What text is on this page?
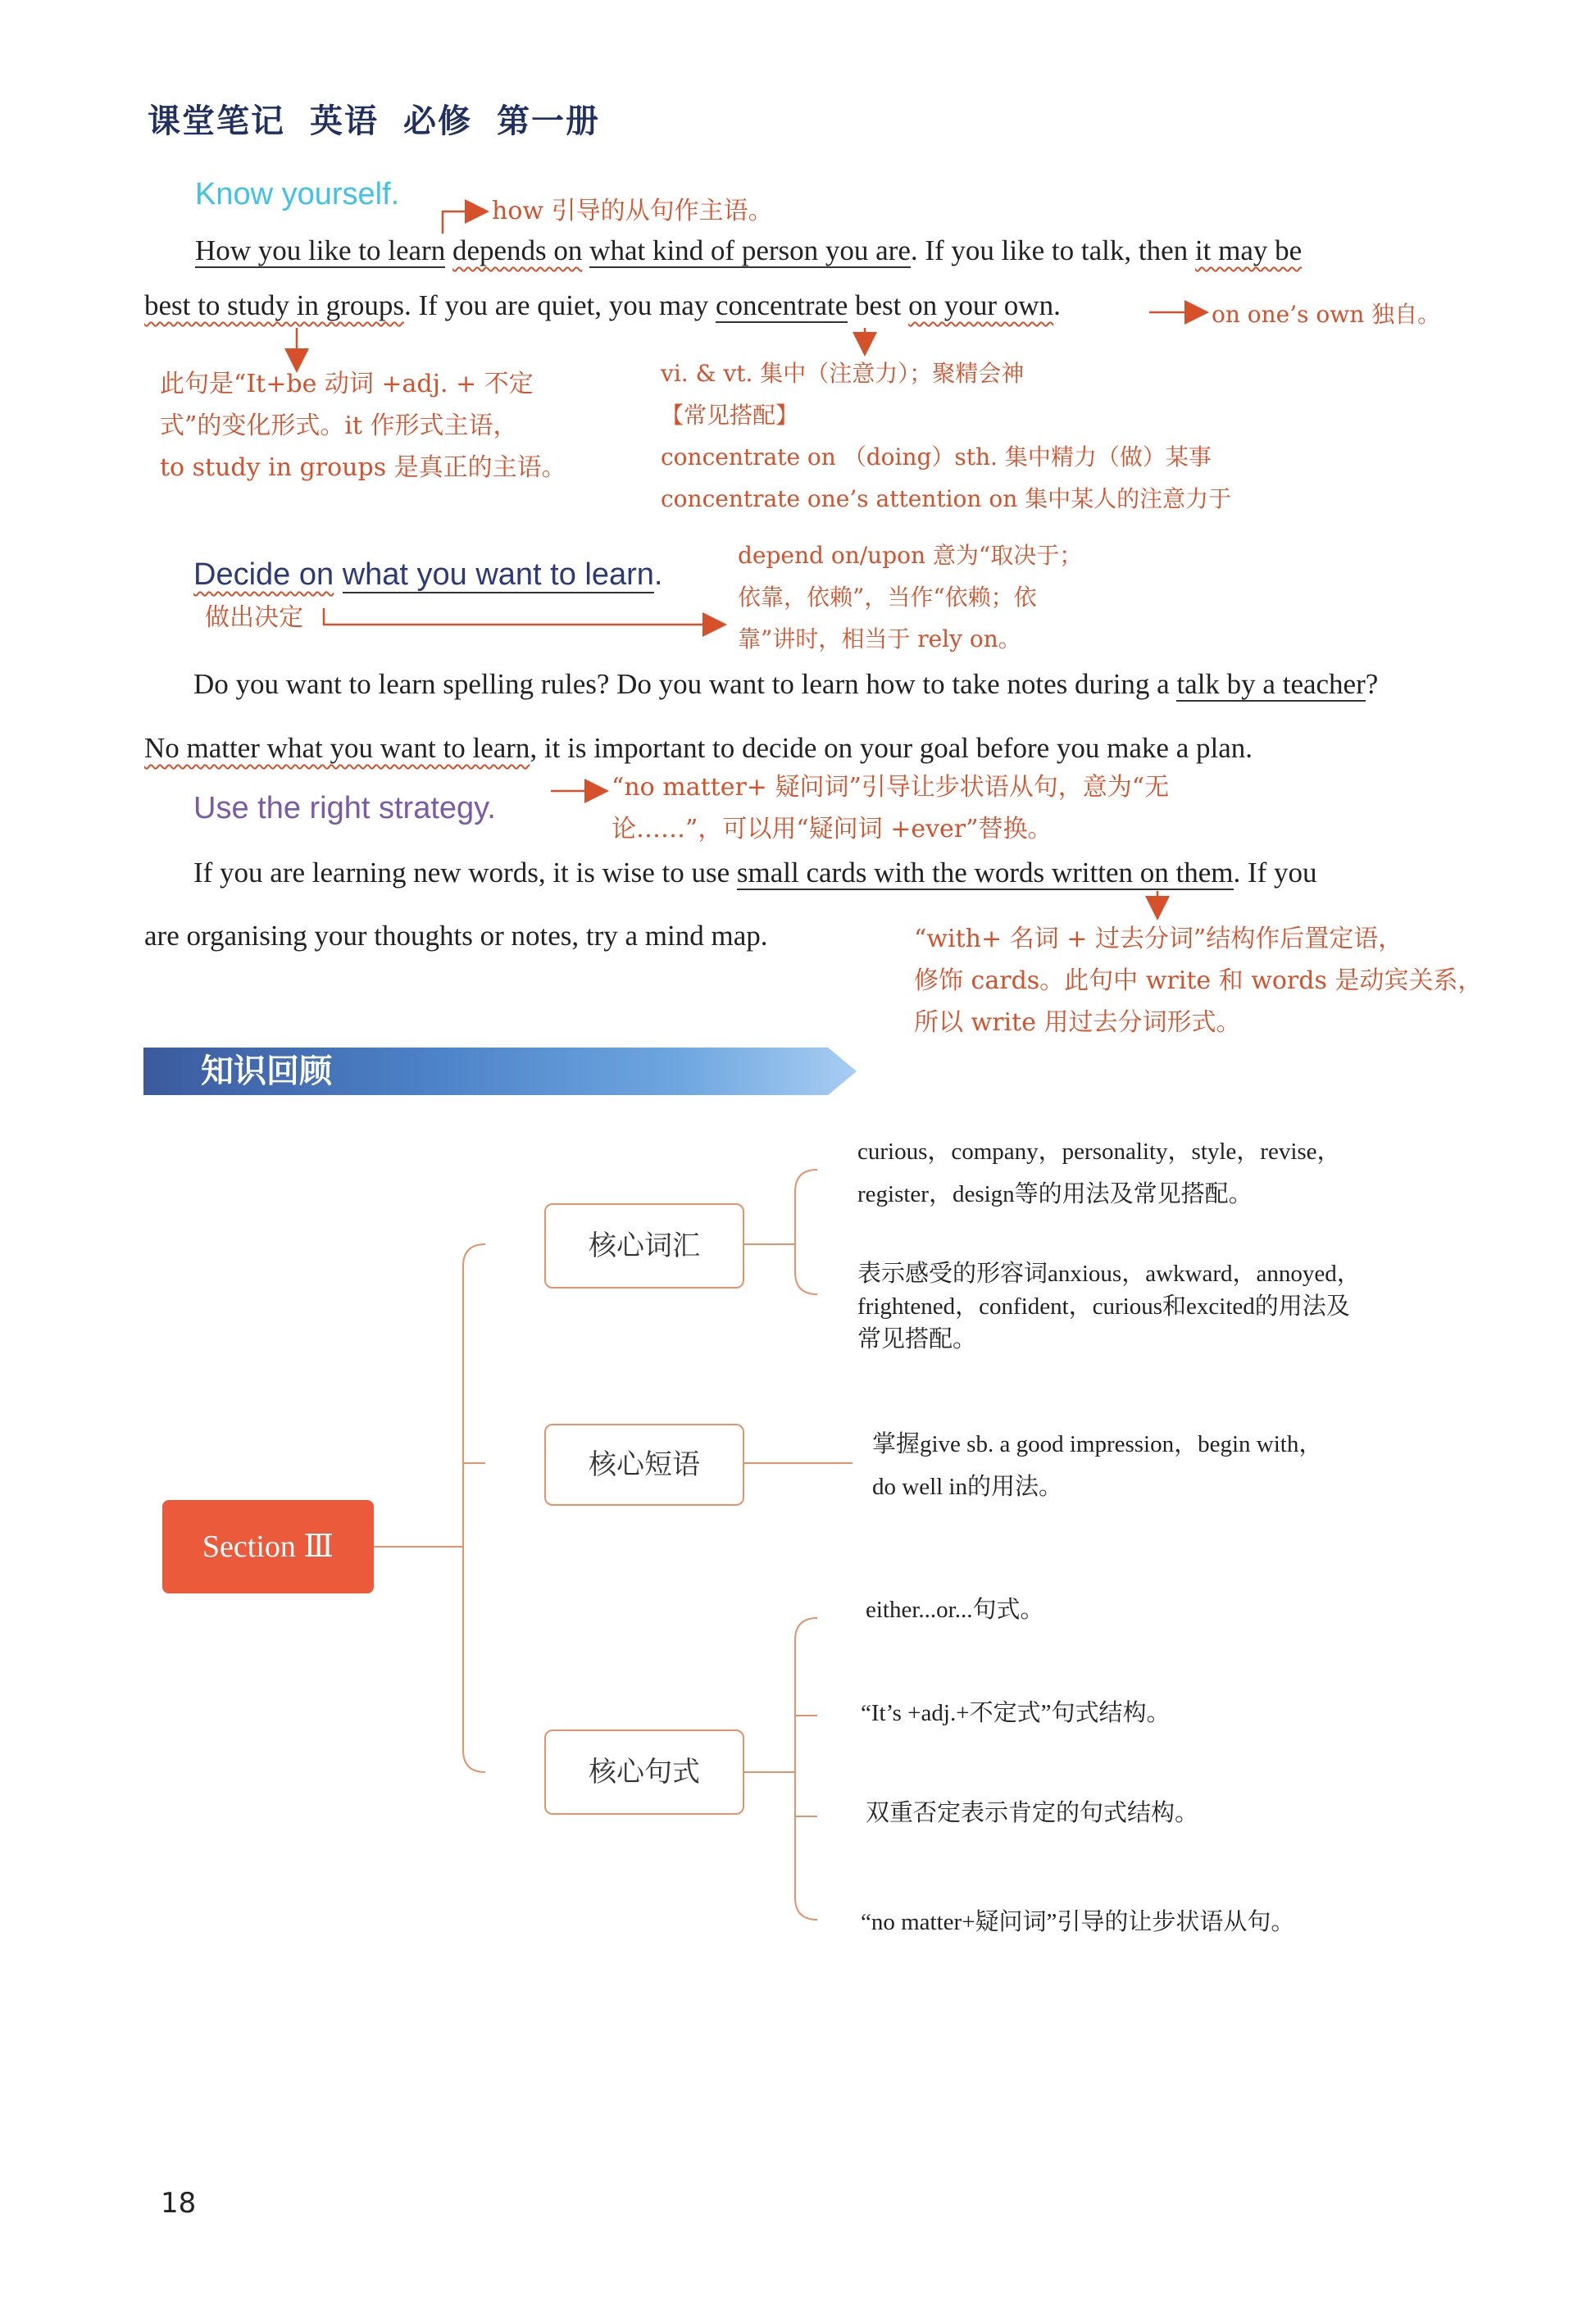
课堂笔记 英语 必修 第一册
Know yourself.	how 引导的从句作主语。
How you like to learn depends on what kind of person you are. If you like to talk, then it may be
best to study in groups. If you are quiet, you may concentrate best on your own.	on one’s own 独自。
此句是“It+be 动词 +adj. + 不定
式”的变化形式。it 作形式主语，
to study in groups 是真正的主语。
vi. & vt. 集中（注意力）；聚精会神
【常见搭配】
concentrate on （doing）sth. 集中精力（做）某事
concentrate one’s attention on 集中某人的注意力于
Decide on what you want to learn.
做出决定
depend on/upon 意为“取决于；
依靠，依赖”，当作“依赖；依
靠”讲时，相当于 rely on。
Do you want to learn spelling rules? Do you want to learn how to take notes during a talk by a teacher?
No matter what you want to learn, it is important to decide on your goal before you make a plan.
“no matter+ 疑问词”引导让步状语从句，意为“无
论……”，可以用“疑问词 +ever”替换。
Use the right strategy.
If you are learning new words, it is wise to use small cards with the words written on them. If you
are organising your thoughts or notes, try a mind map.	“with+ 名词 + 过去分词”结构作后置定语，
修饰 cards。此句中 write 和 words 是动宾关系，
所以 write 用过去分词形式。
知识回顾
Section Ⅲ
核心词汇
核心短语
核心句式
curious，company，personality，style，revise，
register，design等的用法及常见搭配。
表示感受的形容词anxious，awkward，annoyed，
frightened，confident，curious和excited的用法及
常见搭配。
掌握give sb. a good impression，begin with，
do well in的用法。
either...or...句式。
“It’s +adj.+不定式”句式结构。
双重否定表示肯定的句式结构。
“no matter+疑问词”引导的让步状语从句。
18
